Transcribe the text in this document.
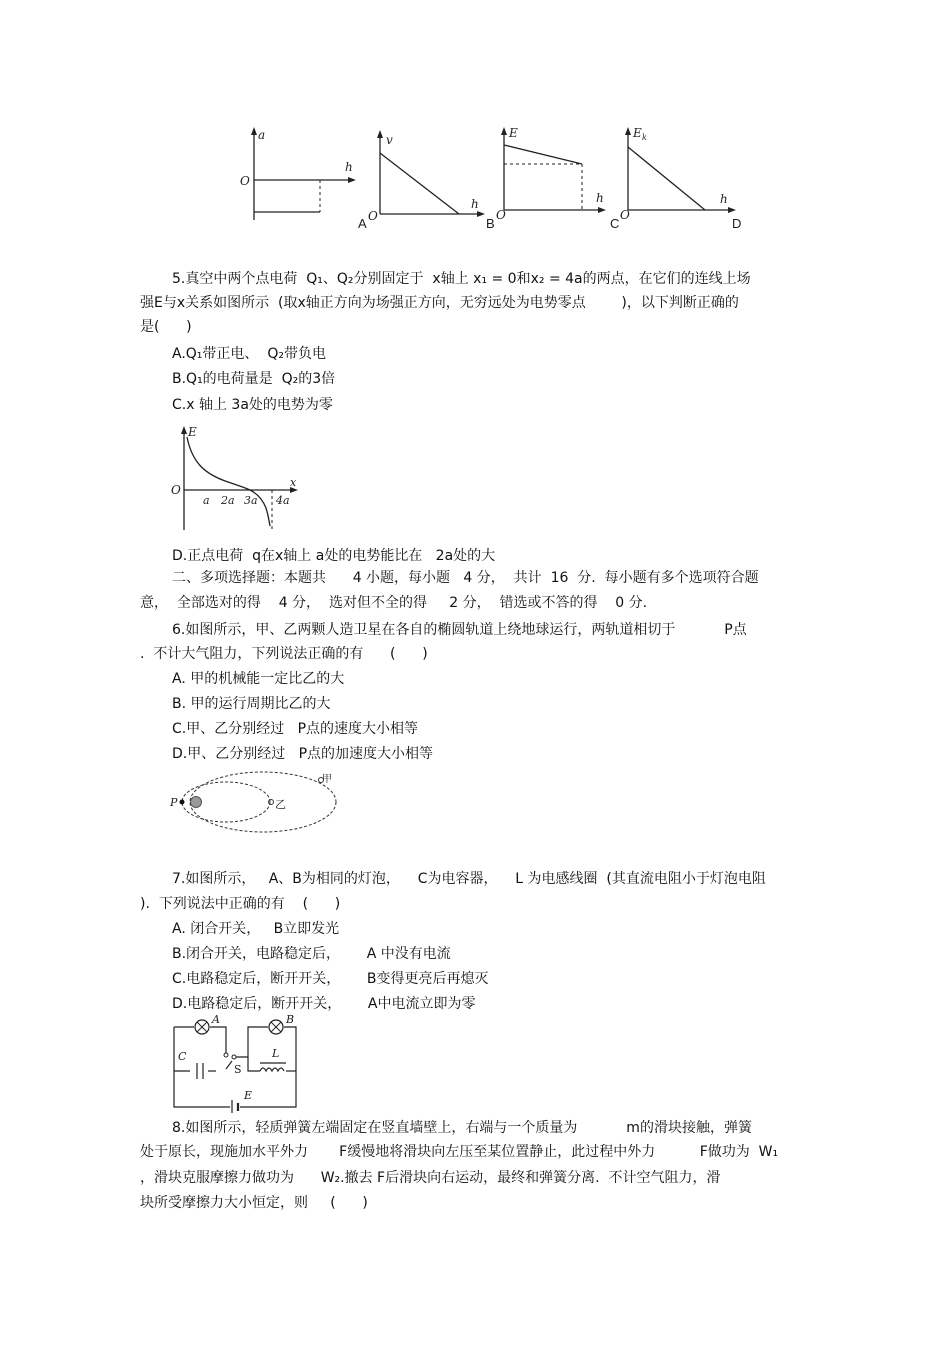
a
h
O
v
h
O
A
E
h
O
B
E k
h
O
C	D
5.真空中两个点电荷  Q₁、Q₂分别固定于  x轴上 x₁ = 0和x₂ = 4a的两点，在它们的连线上场
强E与x关系如图所示  (取x轴正方向为场强正方向，无穷远处为电势零点        )，以下判断正确的
是(      )
A.Q₁带正电、  Q₂带负电
B.Q₁的电荷量是  Q₂的3倍
C.x 轴上 3a处的电势为零
E
x
O
a 2a 3a 4a
D.正点电荷  q在x轴上 a处的电势能比在   2a处的大
二、多项选择题：本题共      4 小题，每小题   4 分，  共计  16  分.  每小题有多个选项符合题
意，  全部选对的得    4 分，  选对但不全的得     2 分，  错选或不答的得    0 分.
6.如图所示，甲、乙两颗人造卫星在各自的椭圆轨道上绕地球运行，两轨道相切于           P点
.  不计大气阻力，下列说法正确的有      (      )
A. 甲的机械能一定比乙的大
B. 甲的运行周期比乙的大
C.甲、乙分别经过   P点的速度大小相等
D.甲、乙分别经过   P点的加速度大小相等
P
甲
乙
7.如图所示，   A、B为相同的灯泡，    C为电容器，    L 为电感线圈  (其直流电阻小于灯泡电阻
).  下列说法中正确的有    (      )
A. 闭合开关，   B立即发光
B.闭合开关，电路稳定后，      A 中没有电流
C.电路稳定后，断开开关，      B变得更亮后再熄灭
D.电路稳定后，断开开关，      A中电流立即为零
A	B
C	L
S
E
8.如图所示，轻质弹簧左端固定在竖直墙壁上，右端与一个质量为           m的滑块接触，弹簧
处于原长，现施加水平外力       F缓慢地将滑块向左压至某位置静止，此过程中外力          F做功为  W₁
，滑块克服摩擦力做功为      W₂.撤去 F后滑块向右运动，最终和弹簧分离.  不计空气阻力，滑
块所受摩擦力大小恒定，则     (      )
